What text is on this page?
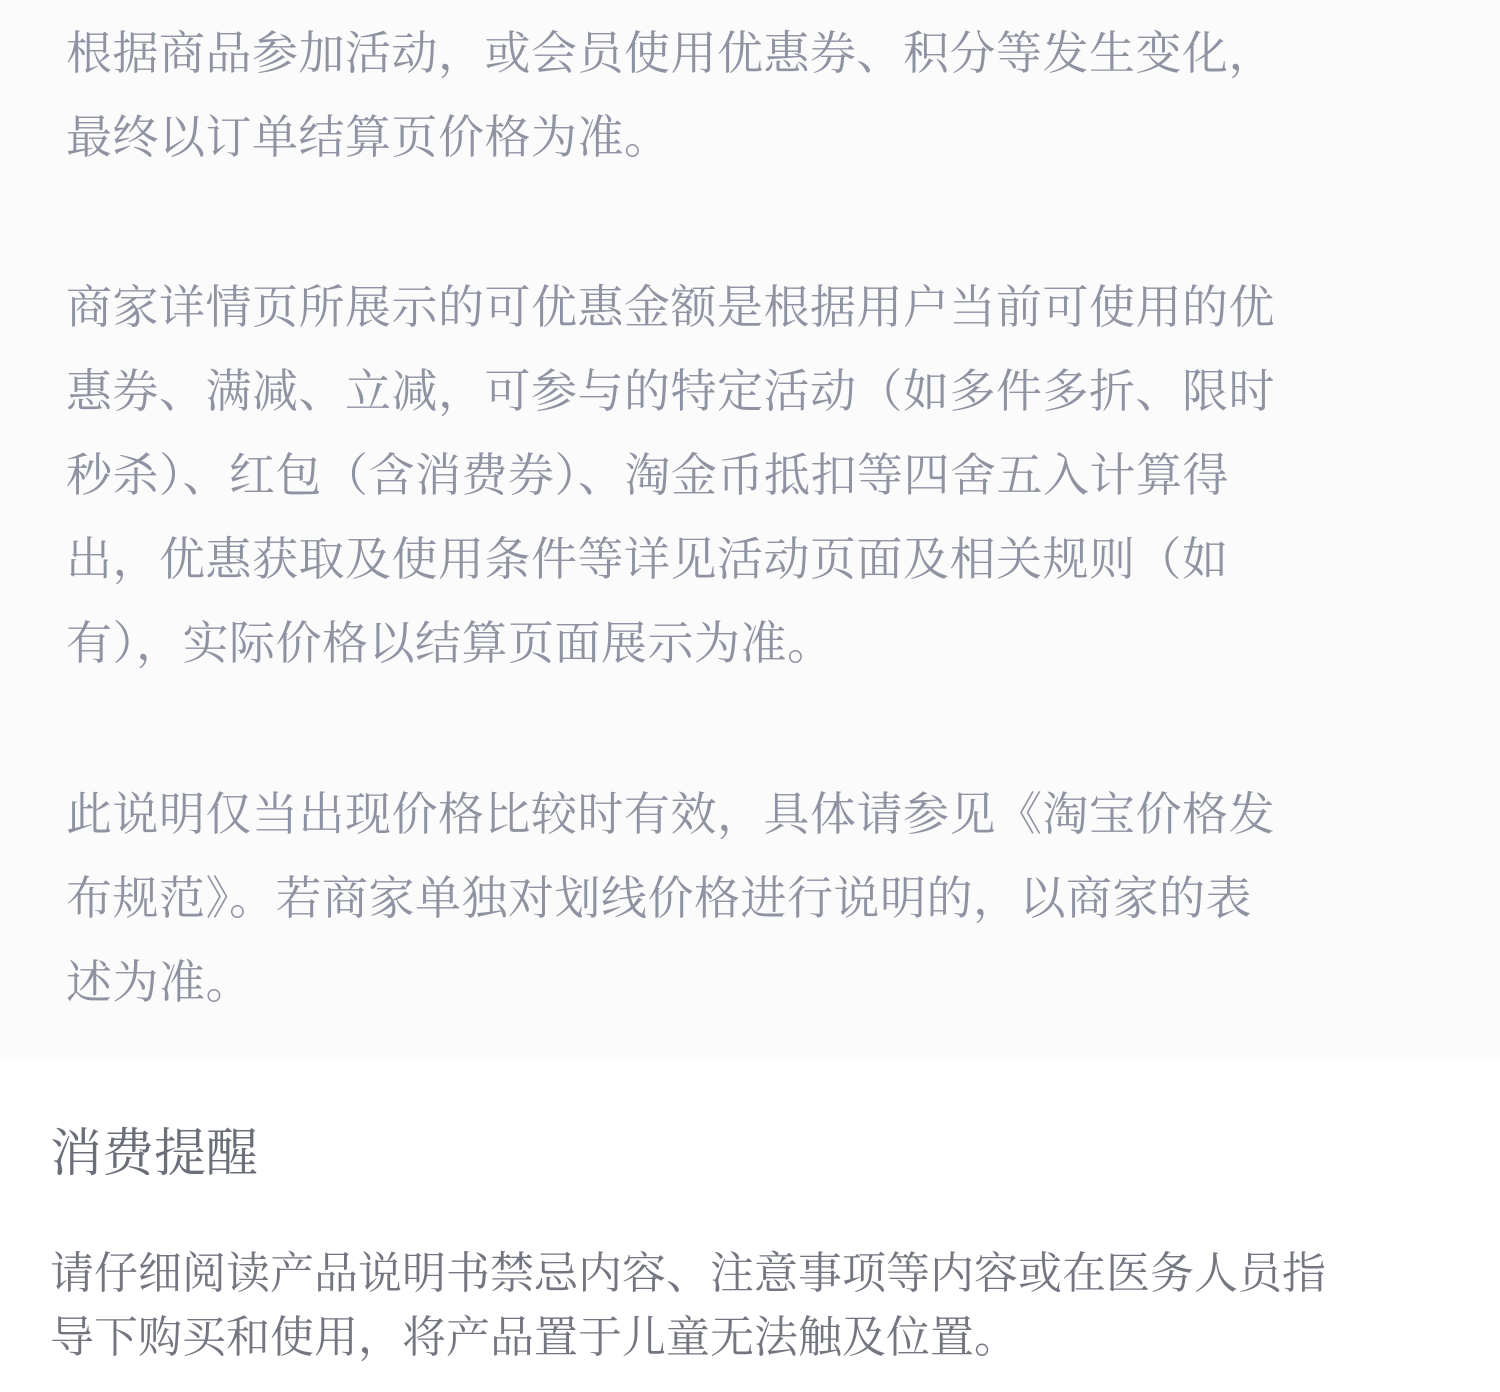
根据商品参加活动，或会员使用优惠券、积分等发生变化，
最终以订单结算页价格为准。

商家详情页所展示的可优惠金额是根据用户当前可使用的优
惠券、满减、立减，可参与的特定活动（如多件多折、限时
秒杀）、红包（含消费券）、淘金币抵扣等四舍五入计算得
出，优惠获取及使用条件等详见活动页面及相关规则（如
有），实际价格以结算页面展示为准。

此说明仅当出现价格比较时有效，具体请参见《淘宝价格发
布规范》。若商家单独对划线价格进行说明的，以商家的表
述为准。

消费提醒

请仔细阅读产品说明书禁忌内容、注意事项等内容或在医务人员指
导下购买和使用，将产品置于儿童无法触及位置。
